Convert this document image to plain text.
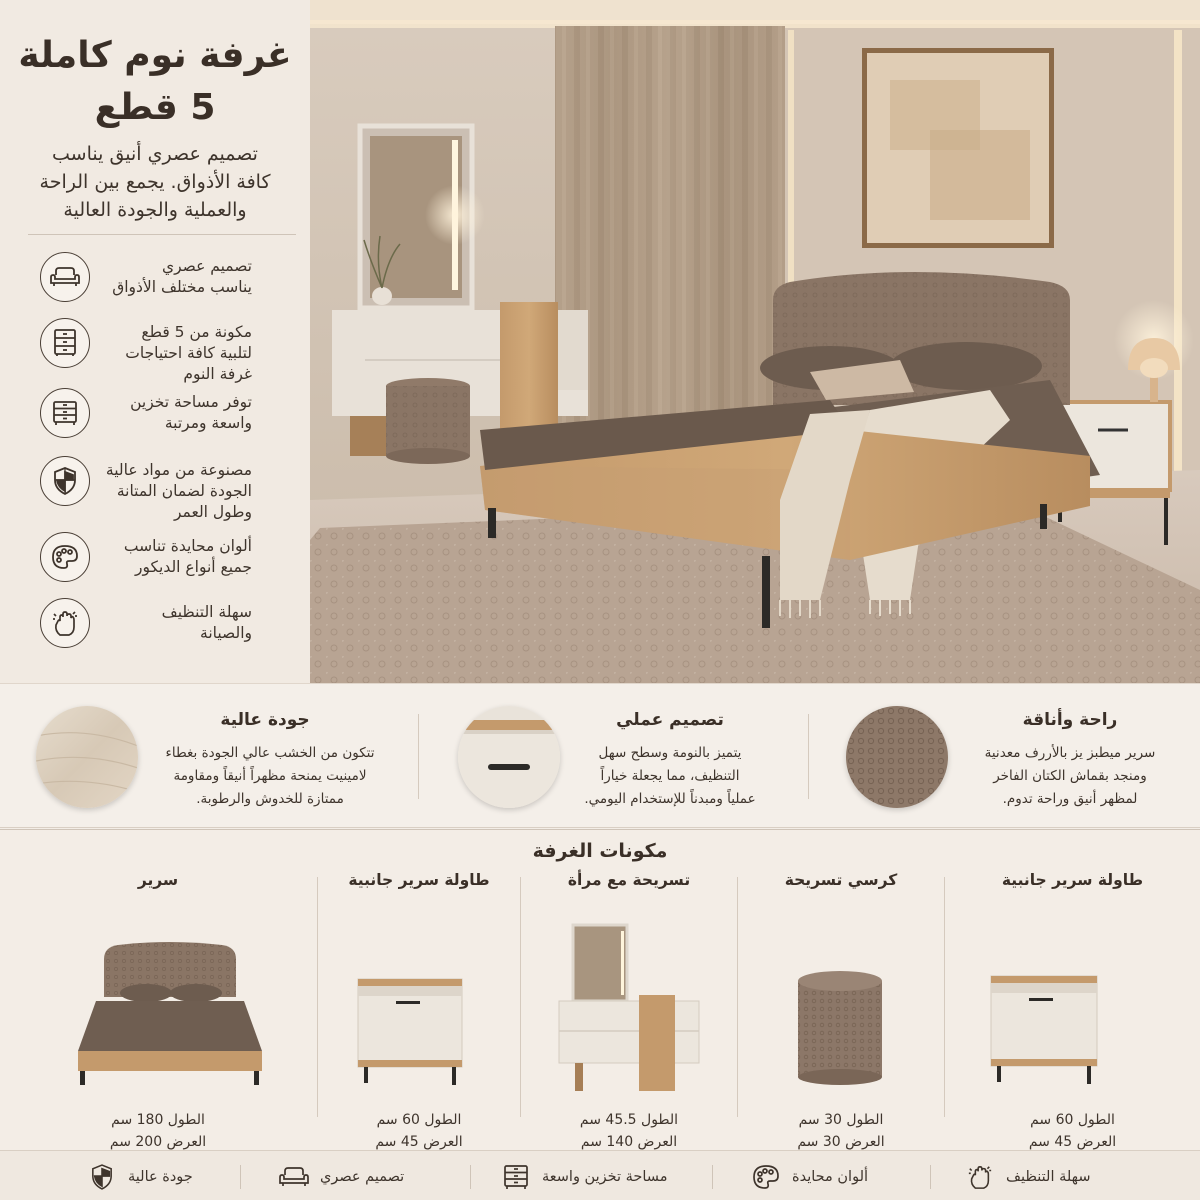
غرفة نوم كاملة
5 قطع
تصميم عصري أنيق يناسب
كافة الأذواق. يجمع بين الراحة
والعملية والجودة العالية
تصميم عصري
يناسب مختلف الأذواق
مكونة من 5 قطع
لتلبية كافة احتياجات
غرفة النوم
توفر مساحة تخزين
واسعة ومرتبة
مصنوعة من مواد عالية
الجودة لضمان المتانة
وطول العمر
ألوان محايدة تناسب
جميع أنواع الديكور
سهلة التنظيف
والصيانة
راحة وأناقة
سرير ميطبز يز بالأررف معدنية
ومنجد بقماش الكتان الفاخر
لمظهر أنيق وراحة تدوم.
تصميم عملي
يتميز بالنومة وسطح سهل
التنظيف، مما يجعلة خياراً
عملياً ومبدناً للإستخدام اليومي.
جودة عالية
تتكون من الخشب عالي الجودة بغطاء
لامينيت يمنحة مظهراً أنيقاً ومقاومة
ممتازة للخدوش والرطوبة.
مكونات الغرفة
طاولة سرير جانبية
الطول 60 سم
العرض 45 سم
كرسي تسريحة
الطول 30 سم
العرض 30 سم
تسريحة مع مرأة
الطول 45.5 سم
العرض 140 سم
طاولة سرير جانبية
الطول 60 سم
العرض 45 سم
سرير
الطول 180 سم
العرض 200 سم
سهلة التنظيف
ألوان محايدة
مساحة تخزين واسعة
تصميم عصري
جودة عالية
